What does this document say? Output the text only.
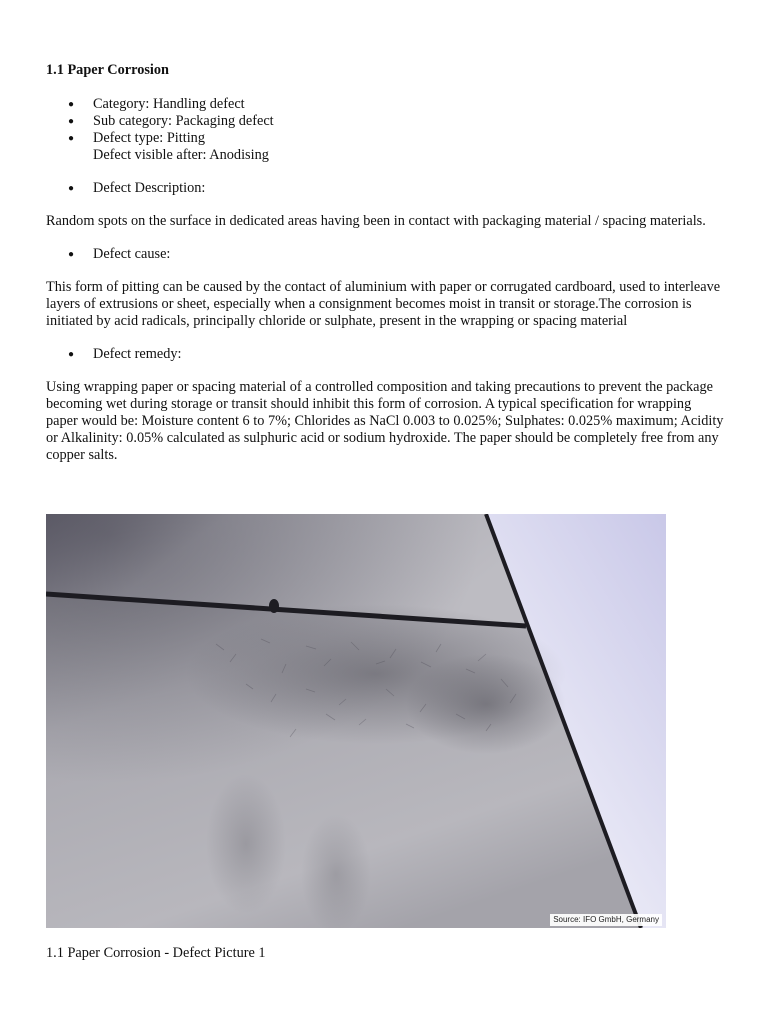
1.1 Paper Corrosion
● Category: Handling defect
● Sub category: Packaging defect
● Defect type: Pitting
Defect visible after: Anodising
● Defect Description:

Random spots on the surface in dedicated areas having been in contact with packaging material / spacing materials.

● Defect cause:

This form of pitting can be caused by the contact of aluminium with paper or corrugated cardboard, used to interleave layers of extrusions or sheet, especially when a consignment becomes moist in transit or storage.The corrosion is initiated by acid radicals, principally chloride or sulphate, present in the wrapping or spacing material

● Defect remedy:

Using wrapping paper or spacing material of a controlled composition and taking precautions to prevent the package becoming wet during storage or transit should inhibit this form of corrosion. A typical specification for wrapping paper would be: Moisture content 6 to 7%; Chlorides as NaCl 0.003 to 0.025%; Sulphates: 0.025% maximum; Acidity or Alkalinity: 0.05% calculated as sulphuric acid or sodium hydroxide. The paper should be completely free from any copper salts.

Source: IFO GmbH, Germany
1.1 Paper Corrosion - Defect Picture 1
